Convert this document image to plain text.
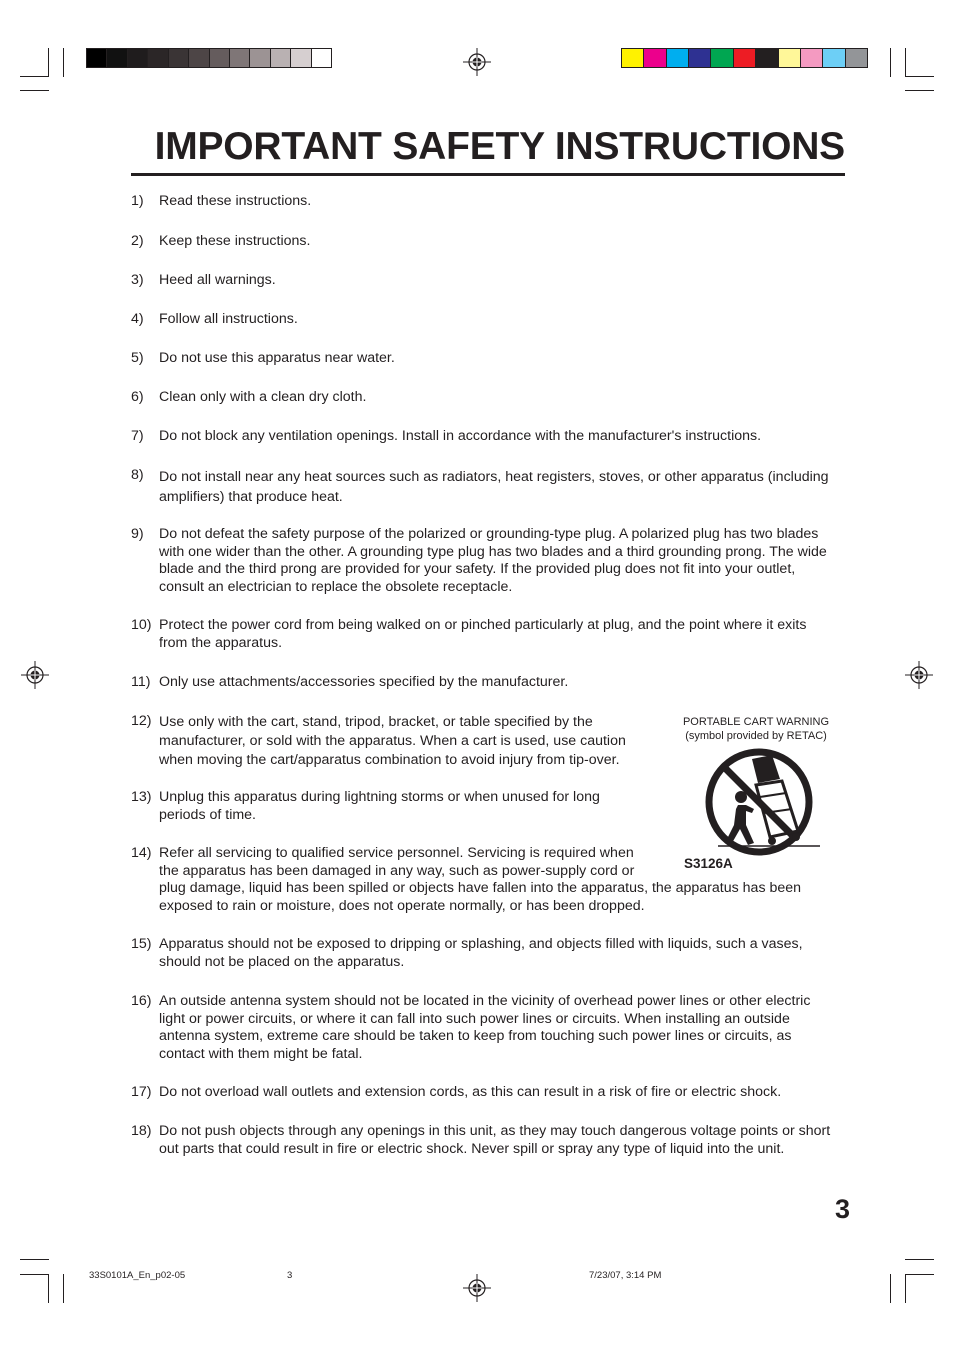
IMPORTANT SAFETY INSTRUCTIONS
1)	Read these instructions.
2)	Keep these instructions.
3)	Heed all warnings.
4)	Follow all instructions.
5)	Do not use this apparatus near water.
6)	Clean only with a clean dry cloth.
7)	Do not block any ventilation openings. Install in accordance with the manufacturer's instructions.
8)	Do not install near any heat sources such as radiators, heat registers, stoves, or other apparatus (including
amplifiers) that produce heat.
9)	Do not defeat the safety purpose of the polarized or grounding-type plug. A polarized plug has two blades
with one wider than the other. A grounding type plug has two blades and a third grounding prong. The wide
blade and the third prong are provided for your safety. If the provided plug does not fit into your outlet,
consult an electrician to replace the obsolete receptacle.
10) Protect the power cord from being walked on or pinched particularly at plug, and the point where it exits
from the apparatus.
11) Only use attachments/accessories specified by the manufacturer.
12) Use only with the cart, stand, tripod, bracket, or table specified by the
manufacturer, or sold with the apparatus. When a cart is used, use caution
when moving the cart/apparatus combination to avoid injury from tip-over.
13) Unplug this apparatus during lightning storms or when unused for long
periods of time.
14) Refer all servicing to qualified service personnel. Servicing is required when
the apparatus has been damaged in any way, such as power-supply cord or
plug damage, liquid has been spilled or objects have fallen into the apparatus, the apparatus has been
exposed to rain or moisture, does not operate normally, or has been dropped.
15) Apparatus should not be exposed to dripping or splashing, and objects filled with liquids, such a vases,
should not be placed on the apparatus.
16) An outside antenna system should not be located in the vicinity of overhead power lines or other electric
light or power circuits, or where it can fall into such power lines or circuits. When installing an outside
antenna system, extreme care should be taken to keep from touching such power lines or circuits, as
contact with them might be fatal.
17) Do not overload wall outlets and extension cords, as this can result in a risk of fire or electric shock.
18) Do not push objects through any openings in this unit, as they may touch dangerous voltage points or short
out parts that could result in fire or electric shock. Never spill or spray any type of liquid into the unit.
PORTABLE CART WARNING
(symbol provided by RETAC)
S3126A
3
33S0101A_En_p02-05	3	7/23/07, 3:14 PM
